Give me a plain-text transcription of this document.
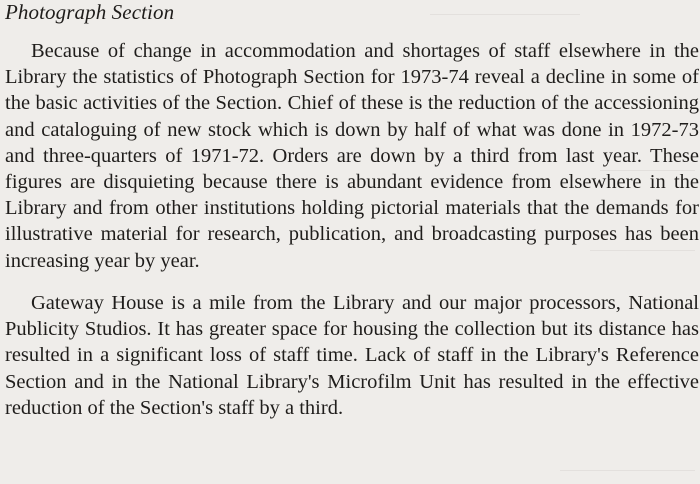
Photograph Section

Because of change in accommodation and shortages of staff elsewhere in the Library the statistics of Photograph Section for 1973-74 reveal a decline in some of the basic activities of the Section. Chief of these is the reduction of the accessioning and cataloguing of new stock which is down by half of what was done in 1972-73 and three-quarters of 1971-72. Orders are down by a third from last year. These figures are disquieting because there is abundant evidence from elsewhere in the Library and from other institutions holding pictorial materials that the demands for illustrative material for research, publication, and broadcasting purposes has been increasing year by year.

Gateway House is a mile from the Library and our major processors, National Publicity Studios. It has greater space for housing the collection but its distance has resulted in a significant loss of staff time. Lack of staff in the Library's Reference Section and in the National Library's Microfilm Unit has resulted in the effective reduction of the Section's staff by a third.
